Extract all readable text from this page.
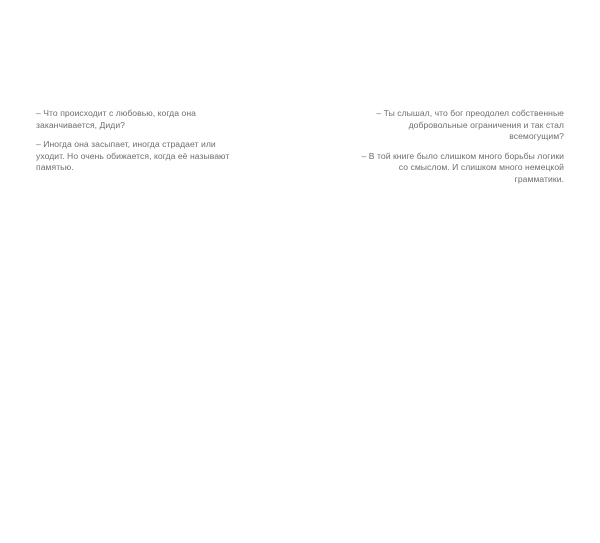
– Что происходит с любовью, когда она
заканчивается, Диди?

– Иногда она засыпает, иногда страдает или
уходит. Но очень обижается, когда её называют
памятью.

– Ты слышал, что бог преодолел собственные
добровольные ограничения и так стал
всемогущим?

– В той книге было слишком много борьбы логики
со смыслом. И слишком много немецкой
грамматики.
